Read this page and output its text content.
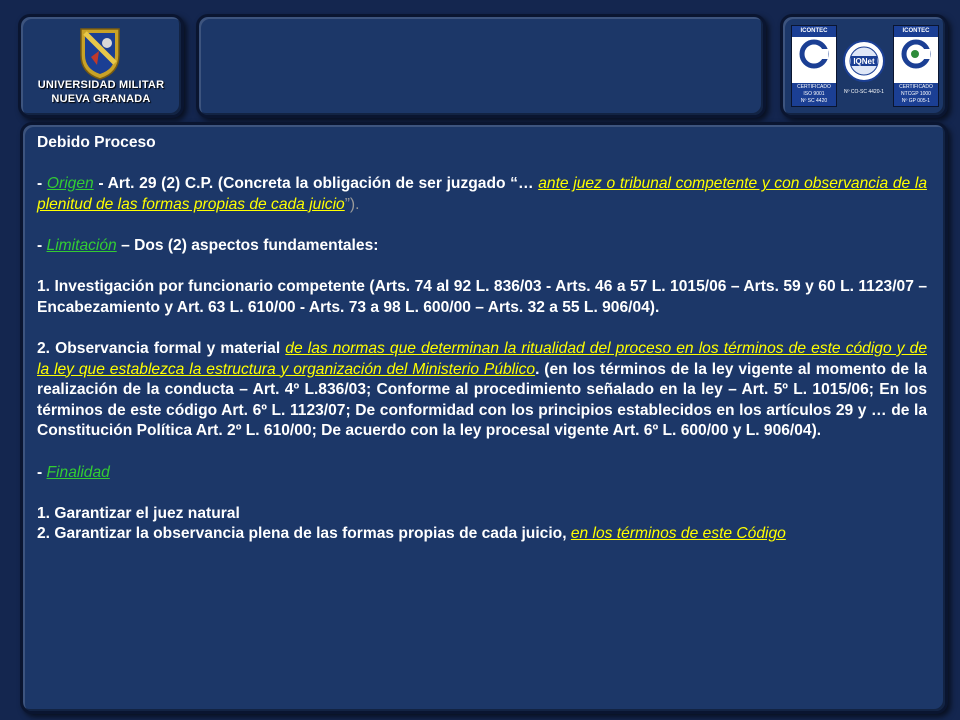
UNIVERSIDAD MILITAR
NUEVA GRANADA
ICONTEC
CERTIFICADO
ISO 9001
Nº SC 4420
IQNet
Nº CO-SC 4420-1
ICONTEC
CERTIFICADO
NTCGP 1000
Nº GP 005-1

Debido Proceso

- Origen - Art. 29 (2) C.P. (Concreta la obligación de ser juzgado “… ante juez o tribunal competente y con observancia de la plenitud de las formas propias de cada juicio”).

- Limitación – Dos (2) aspectos fundamentales:

1. Investigación por funcionario competente (Arts. 74 al 92 L. 836/03 - Arts. 46 a 57 L. 1015/06 – Arts. 59 y 60 L. 1123/07 – Encabezamiento y Art. 63 L. 610/00 - Arts. 73 a 98 L. 600/00 – Arts. 32 a 55 L. 906/04).

2. Observancia formal y material de las normas que determinan la ritualidad del proceso en los términos de este código y de la ley que establezca la estructura y organización del Ministerio Público. (en los términos de la ley vigente al momento de la realización de la conducta – Art. 4º L.836/03; Conforme al procedimiento señalado en la ley – Art. 5º L. 1015/06; En los términos de este código Art. 6º L. 1123/07; De conformidad con los principios establecidos en los artículos 29 y … de la Constitución Política Art. 2º L. 610/00; De acuerdo con la ley procesal vigente Art. 6º L. 600/00 y L. 906/04).

- Finalidad

1. Garantizar el juez natural

2. Garantizar la observancia plena de las formas propias de cada juicio, en los términos de este Código
